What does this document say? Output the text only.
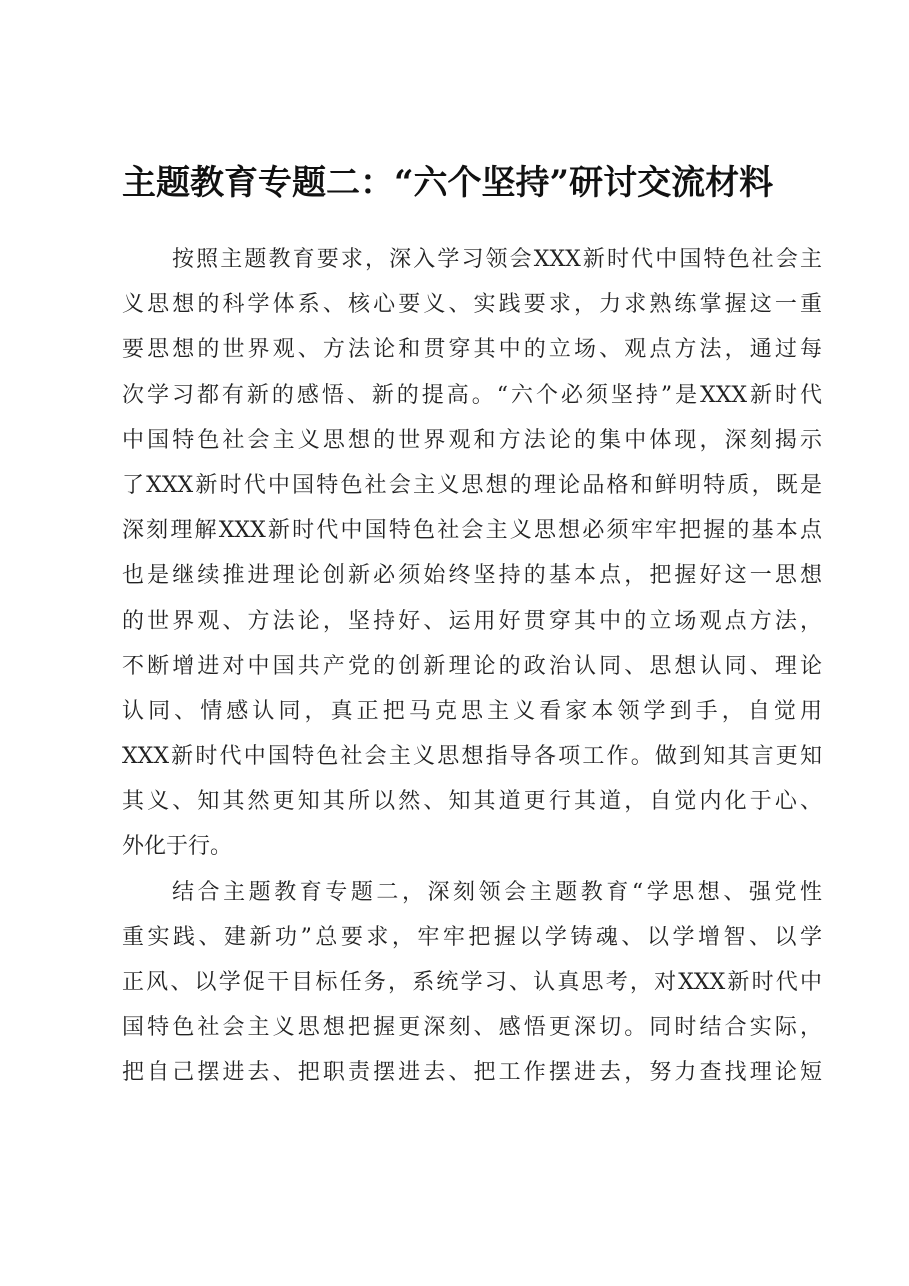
主题教育专题二：“六个坚持”研讨交流材料
按照主题教育要求，深入学习领会XXX新时代中国特色社会主
义思想的科学体系、核心要义、实践要求，力求熟练掌握这一重
要思想的世界观、方法论和贯穿其中的立场、观点方法，通过每
次学习都有新的感悟、新的提高。“六个必须坚持”是XXX新时代
中国特色社会主义思想的世界观和方法论的集中体现，深刻揭示
了XXX新时代中国特色社会主义思想的理论品格和鲜明特质，既是
深刻理解XXX新时代中国特色社会主义思想必须牢牢把握的基本点
也是继续推进理论创新必须始终坚持的基本点，把握好这一思想
的世界观、方法论，坚持好、运用好贯穿其中的立场观点方法，
不断增进对中国共产党的创新理论的政治认同、思想认同、理论
认同、情感认同，真正把马克思主义看家本领学到手，自觉用
XXX新时代中国特色社会主义思想指导各项工作。做到知其言更知
其义、知其然更知其所以然、知其道更行其道，自觉内化于心、
外化于行。
结合主题教育专题二，深刻领会主题教育“学思想、强党性
重实践、建新功”总要求，牢牢把握以学铸魂、以学增智、以学
正风、以学促干目标任务，系统学习、认真思考，对XXX新时代中
国特色社会主义思想把握更深刻、感悟更深切。同时结合实际，
把自己摆进去、把职责摆进去、把工作摆进去，努力查找理论短
